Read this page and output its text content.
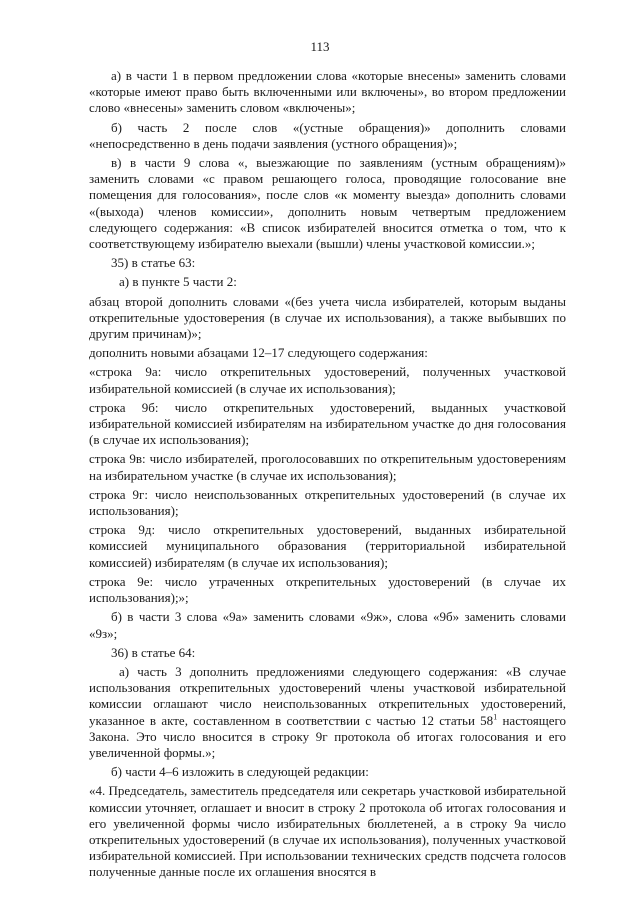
113

а) в части 1 в первом предложении слова «которые внесены» заменить словами «которые имеют право быть включенными или включены», во втором предложении слово «внесены» заменить словом «включены»;

б) часть 2 после слов «(устные обращения)» дополнить словами «непосредственно в день подачи заявления (устного обращения)»;

в) в части 9 слова «, выезжающие по заявлениям (устным обращениям)» заменить словами «с правом решающего голоса, проводящие голосование вне помещения для голосования», после слов «к моменту выезда» дополнить словами «(выхода) членов комиссии», дополнить новым четвертым предложением следующего содержания: «В список избирателей вносится отметка о том, что к соответствующему избирателю выехали (вышли) члены участковой комиссии.»;

35) в статье 63:

а) в пункте 5 части 2:

абзац второй дополнить словами «(без учета числа избирателей, которым выданы открепительные удостоверения (в случае их использования), а также выбывших по другим причинам)»;

дополнить новыми абзацами 12–17 следующего содержания:

«строка 9а: число открепительных удостоверений, полученных участковой избирательной комиссией (в случае их использования);

строка 9б: число открепительных удостоверений, выданных участковой избирательной комиссией избирателям на избирательном участке до дня голосования (в случае их использования);

строка 9в: число избирателей, проголосовавших по открепительным удостоверениям на избирательном участке (в случае их использования);

строка 9г: число неиспользованных открепительных удостоверений (в случае их использования);

строка 9д: число открепительных удостоверений, выданных избирательной комиссией муниципального образования (территориальной избирательной комиссией) избирателям (в случае их использования);

строка 9е: число утраченных открепительных удостоверений (в случае их использования);»;

б) в части 3 слова «9а» заменить словами «9ж», слова «9б» заменить словами «9з»;

36) в статье 64:

а) часть 3 дополнить предложениями следующего содержания: «В случае использования открепительных удостоверений члены участковой избирательной комиссии оглашают число неиспользованных открепительных удостоверений, указанное в акте, составленном в соответствии с частью 12 статьи $58^1$ настоящего Закона. Это число вносится в строку 9г протокола об итогах голосования и его увеличенной формы.»;

б) части 4–6 изложить в следующей редакции:

«4. Председатель, заместитель председателя или секретарь участковой избирательной комиссии уточняет, оглашает и вносит в строку 2 протокола об итогах голосования и его увеличенной формы число избирательных бюллетеней, а в строку 9а число открепительных удостоверений (в случае их использования), полученных участковой избирательной комиссией. При использовании технических средств подсчета голосов полученные данные после их оглашения вносятся в
